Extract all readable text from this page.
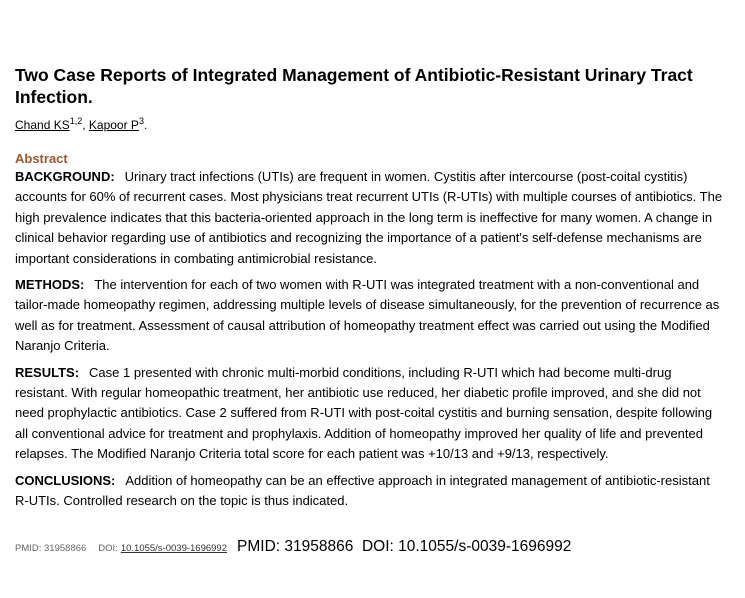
Two Case Reports of Integrated Management of Antibiotic-Resistant Urinary Tract Infection.
Chand KS$^{1,2}$, Kapoor $P^3$.
Abstract

BACKGROUND: Urinary tract infections (UTIs) are frequent in women. Cystitis after intercourse (post-coital cystitis) accounts for 60% of recurrent cases. Most physicians treat recurrent UTIs (R-UTIs) with multiple courses of antibiotics. The high prevalence indicates that this bacteria-oriented approach in the long term is ineffective for many women. A change in clinical behavior regarding use of antibiotics and recognizing the importance of a patient's self-defense mechanisms are important considerations in combating antimicrobial resistance.

METHODS: The intervention for each of two women with R-UTI was integrated treatment with a non-conventional and tailor-made homeopathy regimen, addressing multiple levels of disease simultaneously, for the prevention of recurrence as well as for treatment. Assessment of causal attribution of homeopathy treatment effect was carried out using the Modified Naranjo Criteria.

RESULTS: Case 1 presented with chronic multi-morbid conditions, including R-UTI which had become multi-drug resistant. With regular homeopathic treatment, her antibiotic use reduced, her diabetic profile improved, and she did not need prophylactic antibiotics. Case 2 suffered from R-UTI with post-coital cystitis and burning sensation, despite following all conventional advice for treatment and prophylaxis. Addition of homeopathy improved her quality of life and prevented relapses. The Modified Naranjo Criteria total score for each patient was +10/13 and +9/13, respectively.

CONCLUSIONS: Addition of homeopathy can be an effective approach in integrated management of antibiotic-resistant R-UTIs. Controlled research on the topic is thus indicated.

PMID: 31958866 DOI: 10.1055/s-0039-1696992 PMID: 31958866  DOI: 10.1055/s-0039-1696992
